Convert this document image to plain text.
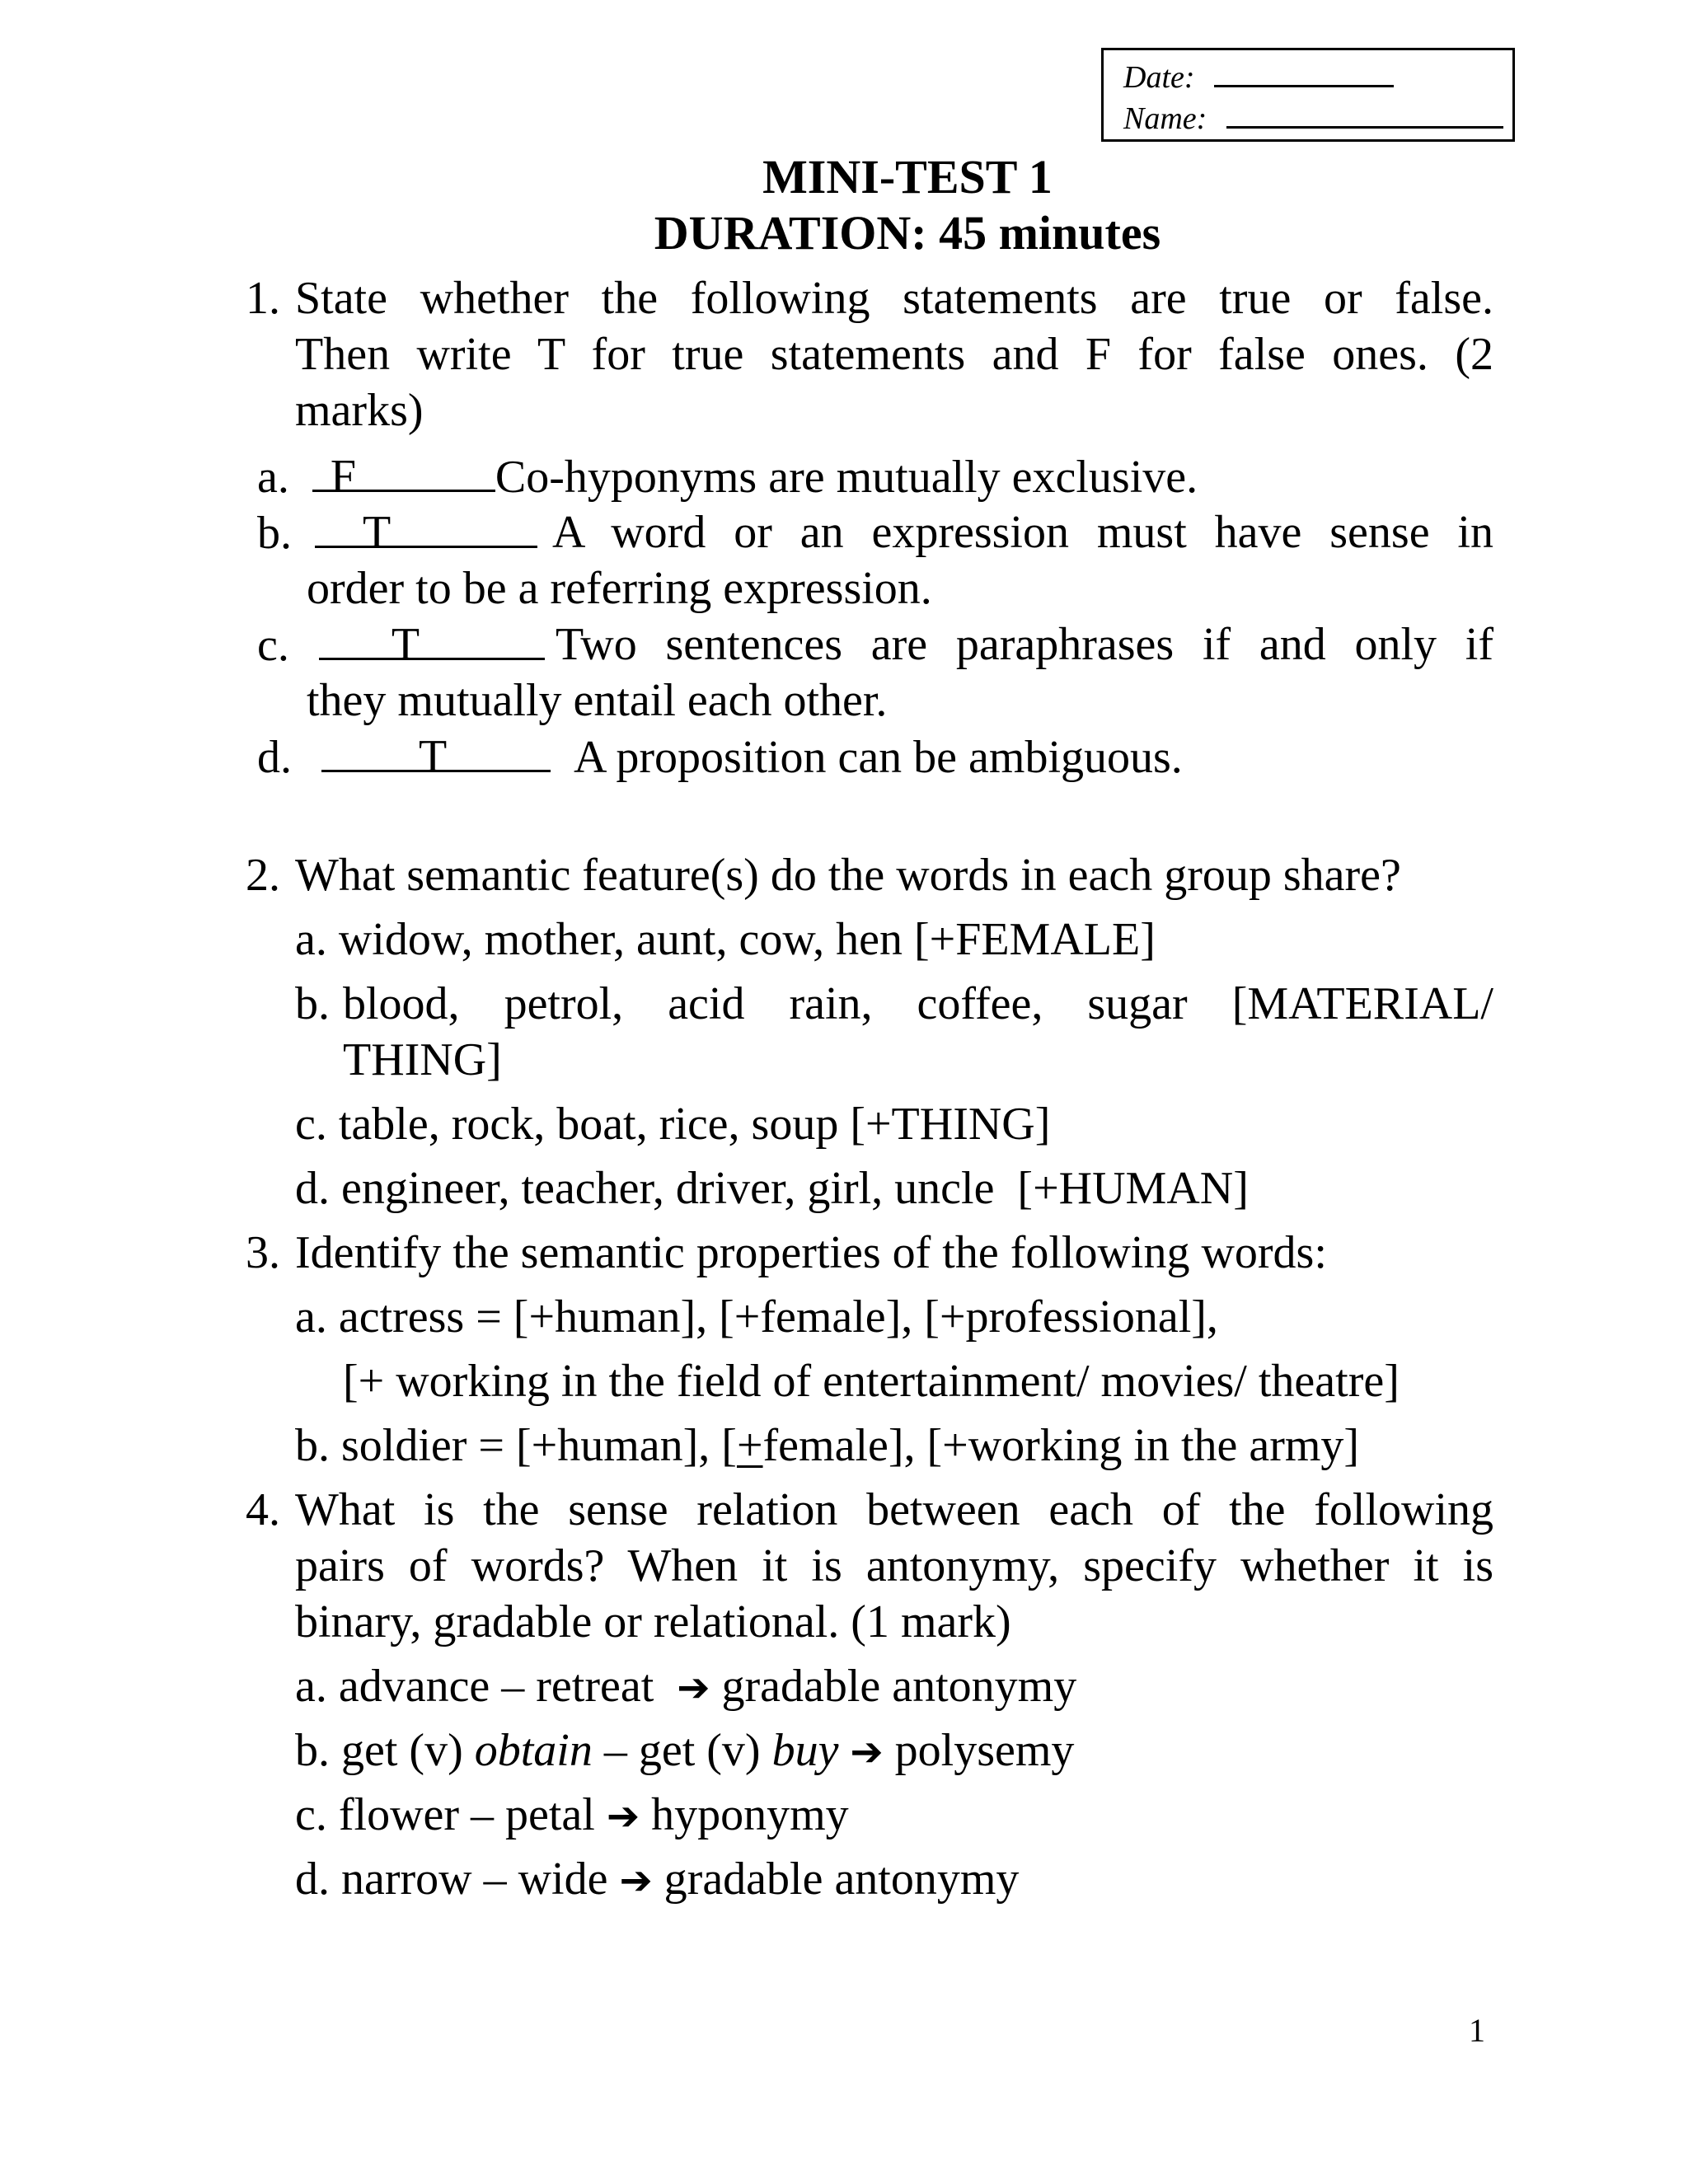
Date:
Name:
MINI-TEST 1
DURATION: 45 minutes
1. State whether the following statements are true or false.
Then write T for true statements and F for false ones. (2
marks)
a. F	Co-hyponyms are mutually exclusive.
b. T	A word or an expression must have sense in
order to be a referring expression.
c. T	Two sentences are paraphrases if and only if
they mutually entail each other.
d.	T	A proposition can be ambiguous.
2. What semantic feature(s) do the words in each group share?
a. widow, mother, aunt, cow, hen [+FEMALE]
b. blood, petrol, acid rain, coffee, sugar [MATERIAL/
THING]
c. table, rock, boat, rice, soup [+THING]
d. engineer, teacher, driver, girl, uncle  [+HUMAN]
3. Identify the semantic properties of the following words:
a. actress = [+human], [+female], [+professional],
[+ working in the field of entertainment/ movies/ theatre]
b. soldier = [+human], [+female], [+working in the army]
4. What is the sense relation between each of the following
pairs of words? When it is antonymy, specify whether it is
binary, gradable or relational. (1 mark)
a. advance – retreat  ➔ gradable antonymy
b. get (v) obtain – get (v) buy ➔ polysemy
c. flower – petal ➔ hyponymy
d. narrow – wide ➔ gradable antonymy
1
